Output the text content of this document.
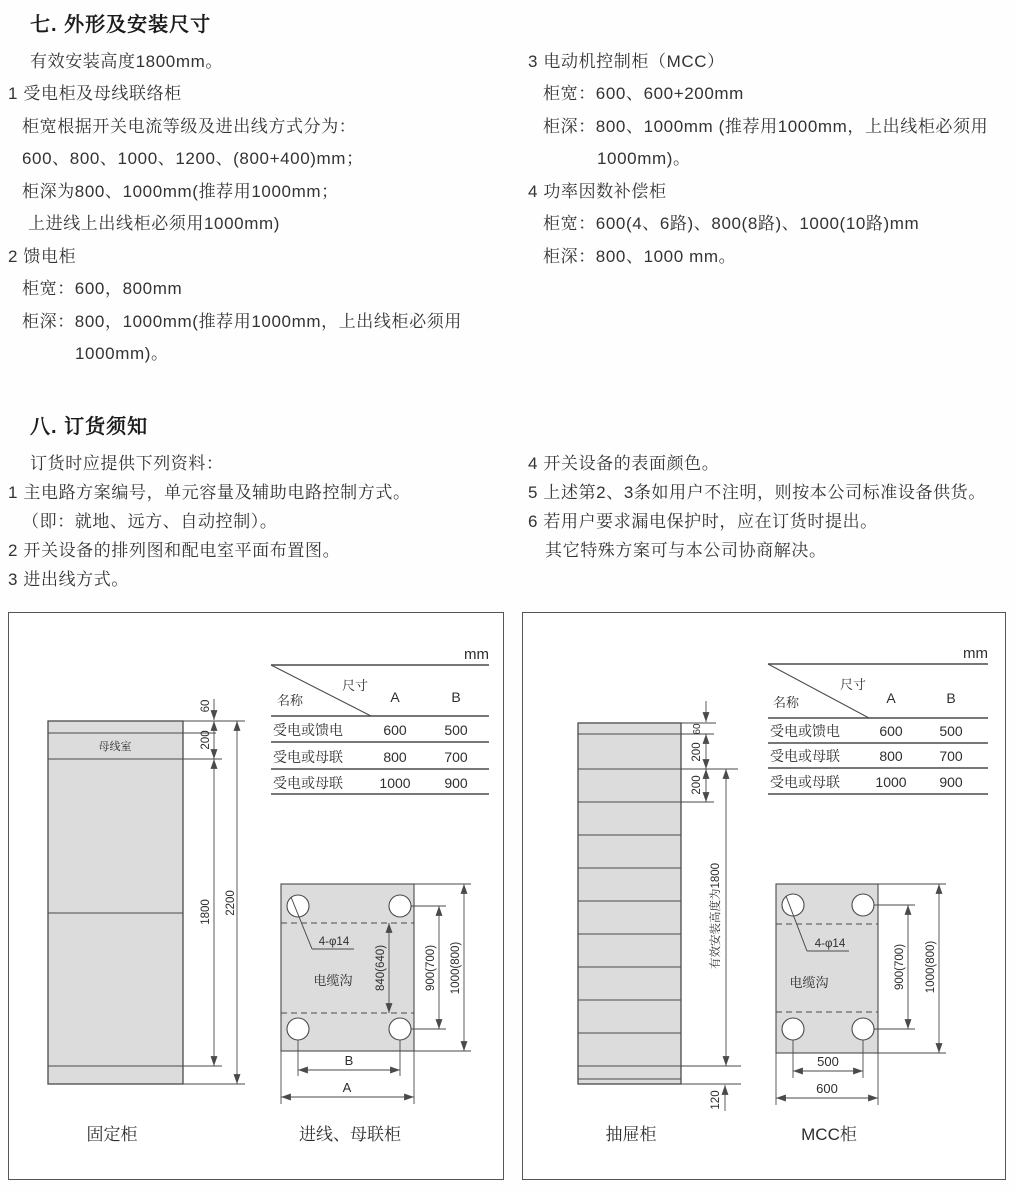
七. 外形及安装尺寸
有效安装高度1800mm。
1 受电柜及母线联络柜
柜宽根据开关电流等级及进出线方式分为：
600、800、1000、1200、(800+400)mm；
柜深为800、1000mm(推荐用1000mm；
上进线上出线柜必须用1000mm)
2 馈电柜
柜宽：600，800mm
柜深：800，1000mm(推荐用1000mm，上出线柜必须用
1000mm)。
3 电动机控制柜（MCC）
柜宽：600、600+200mm
柜深：800、1000mm (推荐用1000mm，上出线柜必须用
1000mm)。
4 功率因数补偿柜
柜宽：600(4、6路)、800(8路)、1000(10路)mm
柜深：800、1000 mm。
八. 订货须知
订货时应提供下列资料：
1 主电路方案编号，单元容量及辅助电路控制方式。
（即：就地、远方、自动控制）。
2 开关设备的排列图和配电室平面布置图。
3 进出线方式。
4 开关设备的表面颜色。
5 上述第2、3条如用户不注明，则按本公司标准设备供货。
6 若用户要求漏电保护时，应在订货时提出。
其它特殊方案可与本公司协商解决。
mm
尺寸
名称	A	B
受电或馈电	600	500
受电或母联	800	700
受电或母联	1000 900
母线室
60
200
1800 2200
4-φ14
电缆沟 840(640)	900(700) 1000(800)
B
A
固定柜	进线、母联柜
mm
尺寸
名称	A	B
受电或馈电	600	500
受电或母联	800	700
受电或母联	1000 900
60
200
200
有效安装高度为1800
120
4-φ14
电缆沟	900(700) 1000(800)
500
600
抽屉柜	MCC柜
